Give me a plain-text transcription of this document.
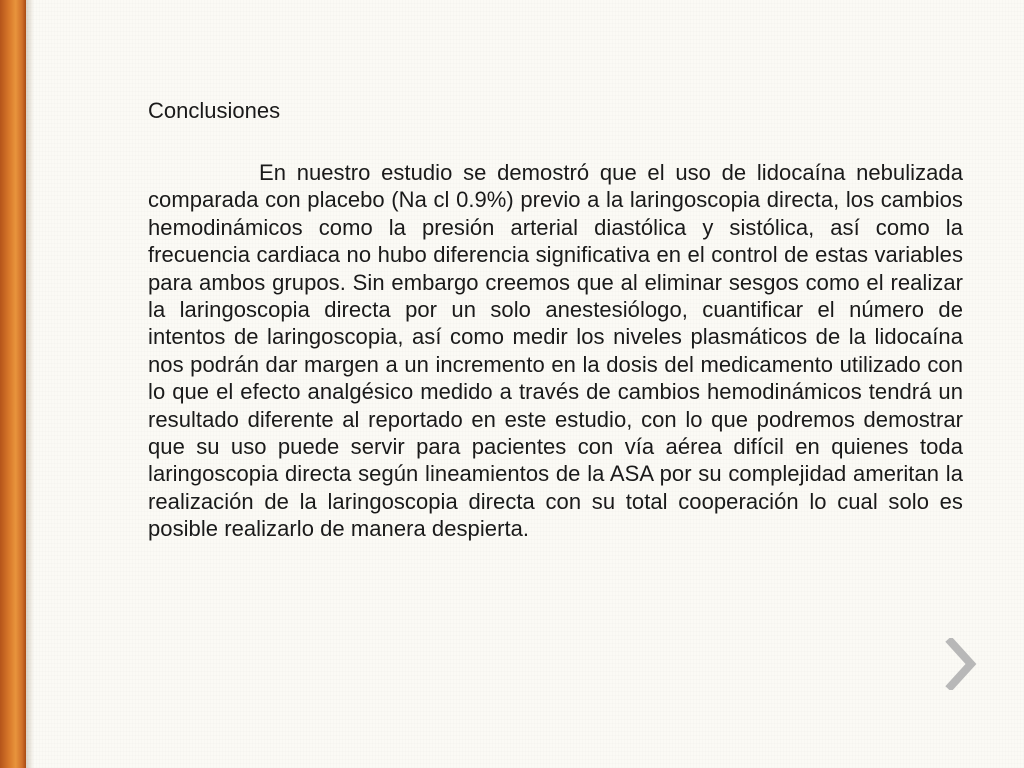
Conclusiones

En nuestro estudio se demostró que el uso de lidocaína nebulizada comparada con placebo (Na cl 0.9%) previo a la laringoscopia directa, los cambios hemodinámicos como la presión arterial diastólica y sistólica, así como la frecuencia cardiaca no hubo diferencia significativa en el control de estas variables para ambos grupos. Sin embargo creemos que al eliminar sesgos como el realizar la laringoscopia directa por un solo anestesiólogo, cuantificar el número de intentos de laringoscopia, así como medir los niveles plasmáticos de la lidocaína nos podrán dar margen a un incremento en la dosis del medicamento utilizado con lo que el efecto analgésico medido a través de cambios hemodinámicos tendrá un resultado diferente al reportado en este estudio, con lo que podremos demostrar que su uso puede servir para pacientes con vía aérea difícil en quienes toda laringoscopia directa según lineamientos de la ASA por su complejidad ameritan la realización de la laringoscopia directa con su total cooperación lo cual solo es posible realizarlo de manera despierta.
